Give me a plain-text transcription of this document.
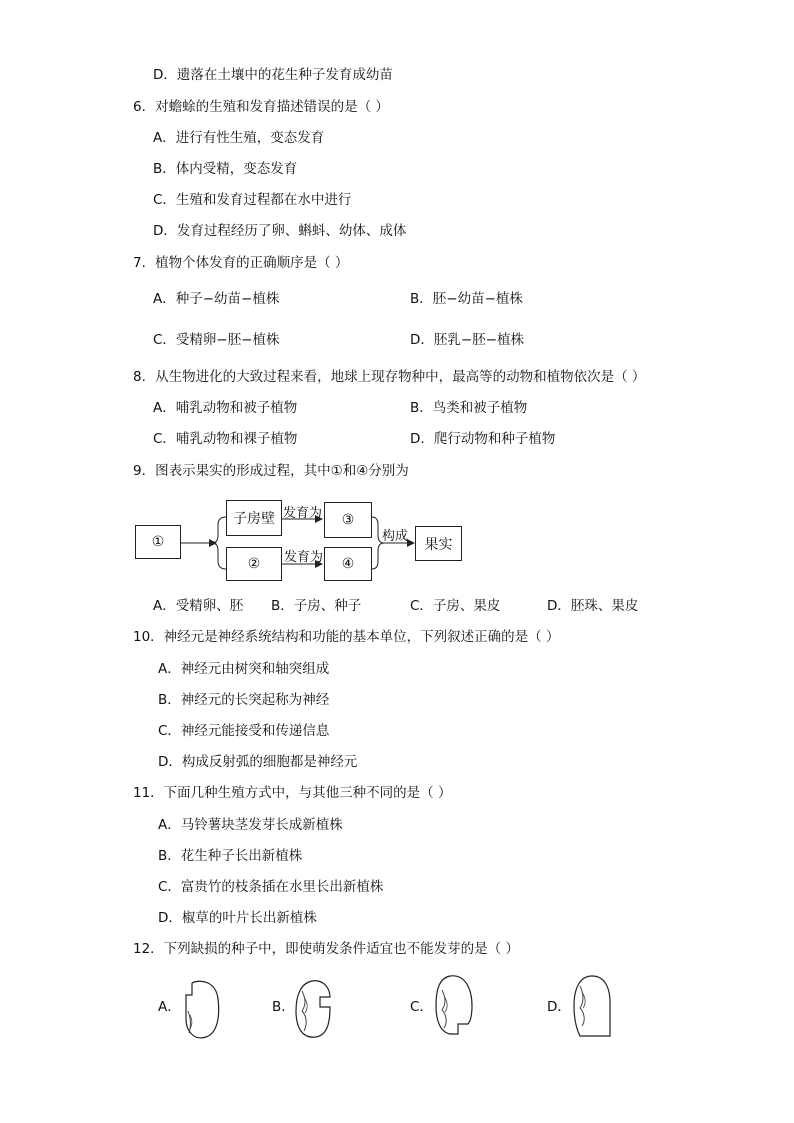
D．遗落在土壤中的花生种子发育成幼苗
6．对蟾蜍的生殖和发育描述错误的是（ ）
A．进行有性生殖，变态发育
B．体内受精，变态发育
C．生殖和发育过程都在水中进行
D．发育过程经历了卵、蝌蚪、幼体、成体
7．植物个体发育的正确顺序是（ ）
A．种子−幼苗−植株	B．胚−幼苗−植株
C．受精卵−胚−植株	D．胚乳−胚−植株
8．从生物进化的大致过程来看，地球上现存物种中，最高等的动物和植物依次是（ ）
A．哺乳动物和被子植物	B．鸟类和被子植物
C．哺乳动物和裸子植物	D．爬行动物和种子植物
9．图表示果实的形成过程，其中①和④分别为
①
子房壁	③
②	④
果实
发育为
发育为
构成
A．受精卵、胚 B．子房、种子	C．子房、果皮	D．胚珠、果皮
10．神经元是神经系统结构和功能的基本单位，下列叙述正确的是（ ）
A．神经元由树突和轴突组成
B．神经元的长突起称为神经
C．神经元能接受和传递信息
D．构成反射弧的细胞都是神经元
11．下面几种生殖方式中，与其他三种不同的是（ ）
A．马铃薯块茎发芽长成新植株
B．花生种子长出新植株
C．富贵竹的枝条插在水里长出新植株
D．椒草的叶片长出新植株
12．下列缺损的种子中，即使萌发条件适宜也不能发芽的是（ ）
A．	B．	C．	D．
